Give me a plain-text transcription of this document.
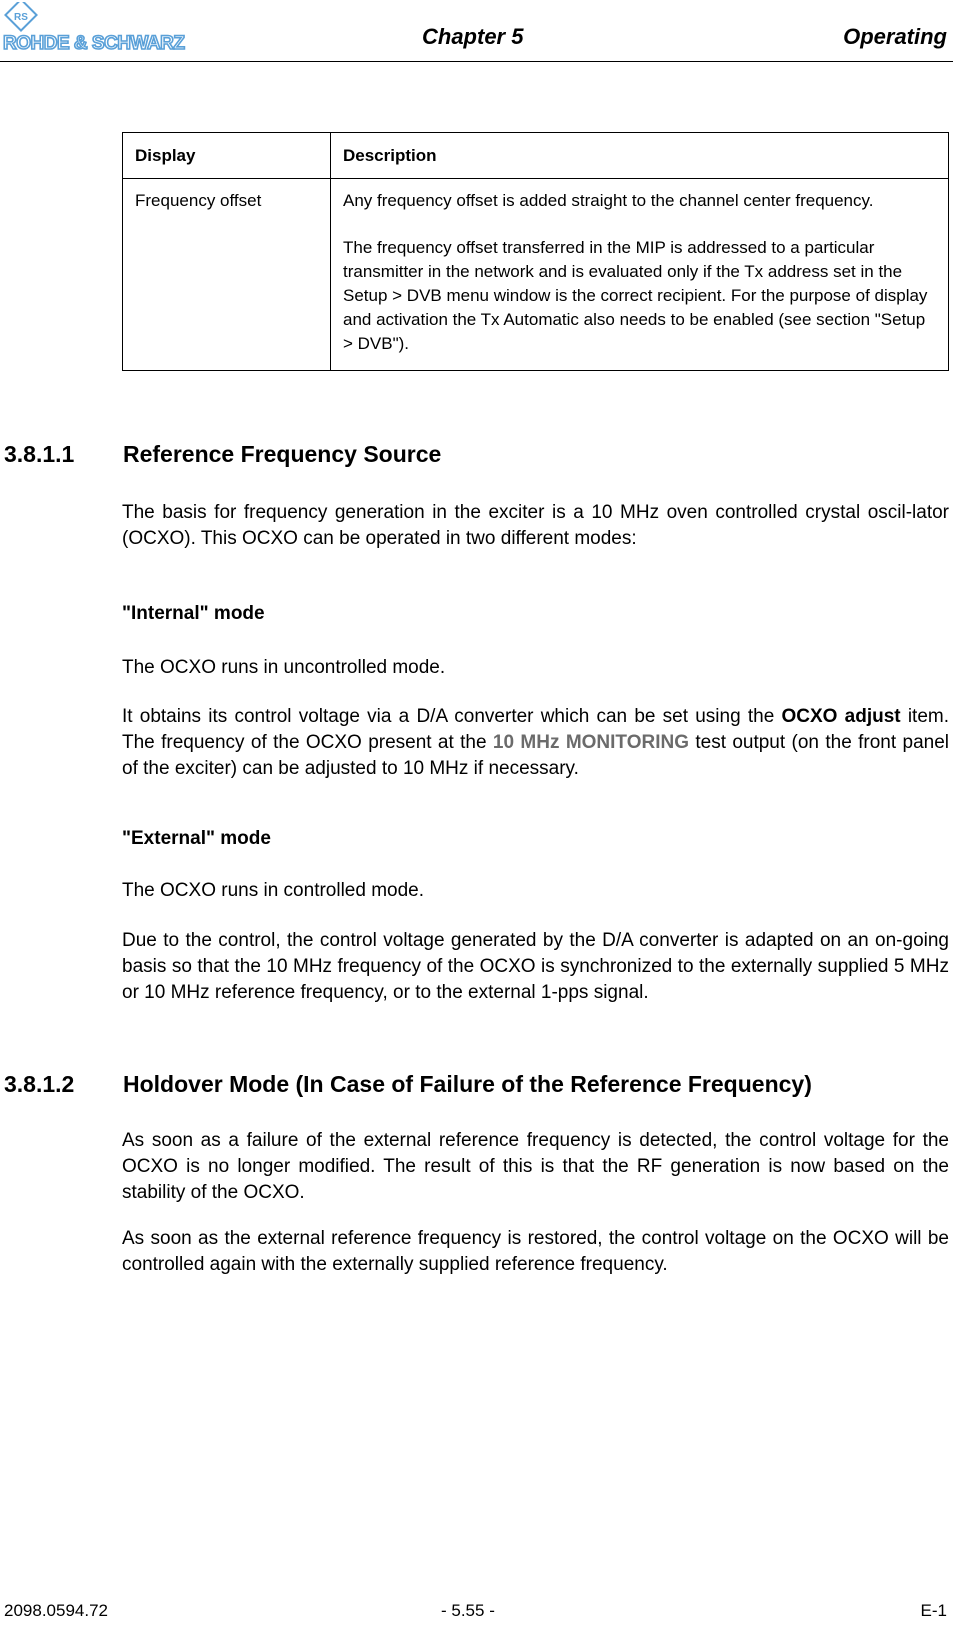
RS
ROHDE & SCHWARZ	Chapter 5	Operating
Display	Description
Frequency offset	Any frequency offset is added straight to the channel center frequency.

The frequency offset transferred in the MIP is addressed to a particular transmitter in the network and is evaluated only if the Tx address set in the Setup > DVB menu window is the correct recipient. For the purpose of display and activation the Tx Automatic also needs to be enabled (see section "Setup > DVB").

3.8.1.1 Reference Frequency Source
The basis for frequency generation in the exciter is a 10 MHz oven controlled crystal oscil-lator (OCXO). This OCXO can be operated in two different modes:
"Internal" mode
The OCXO runs in uncontrolled mode.
It obtains its control voltage via a D/A converter which can be set using the OCXO adjust item. The frequency of the OCXO present at the 10 MHz MONITORING test output (on the front panel of the exciter) can be adjusted to 10 MHz if necessary.
"External" mode
The OCXO runs in controlled mode.
Due to the control, the control voltage generated by the D/A converter is adapted on an on-going basis so that the 10 MHz frequency of the OCXO is synchronized to the externally supplied 5 MHz or 10 MHz reference frequency, or to the external 1-pps signal.
3.8.1.2 Holdover Mode (In Case of Failure of the Reference Frequency)
As soon as a failure of the external reference frequency is detected, the control voltage for the OCXO is no longer modified. The result of this is that the RF generation is now based on the stability of the OCXO.
As soon as the external reference frequency is restored, the control voltage on the OCXO will be controlled again with the externally supplied reference frequency.
2098.0594.72	- 5.55 -	E-1
